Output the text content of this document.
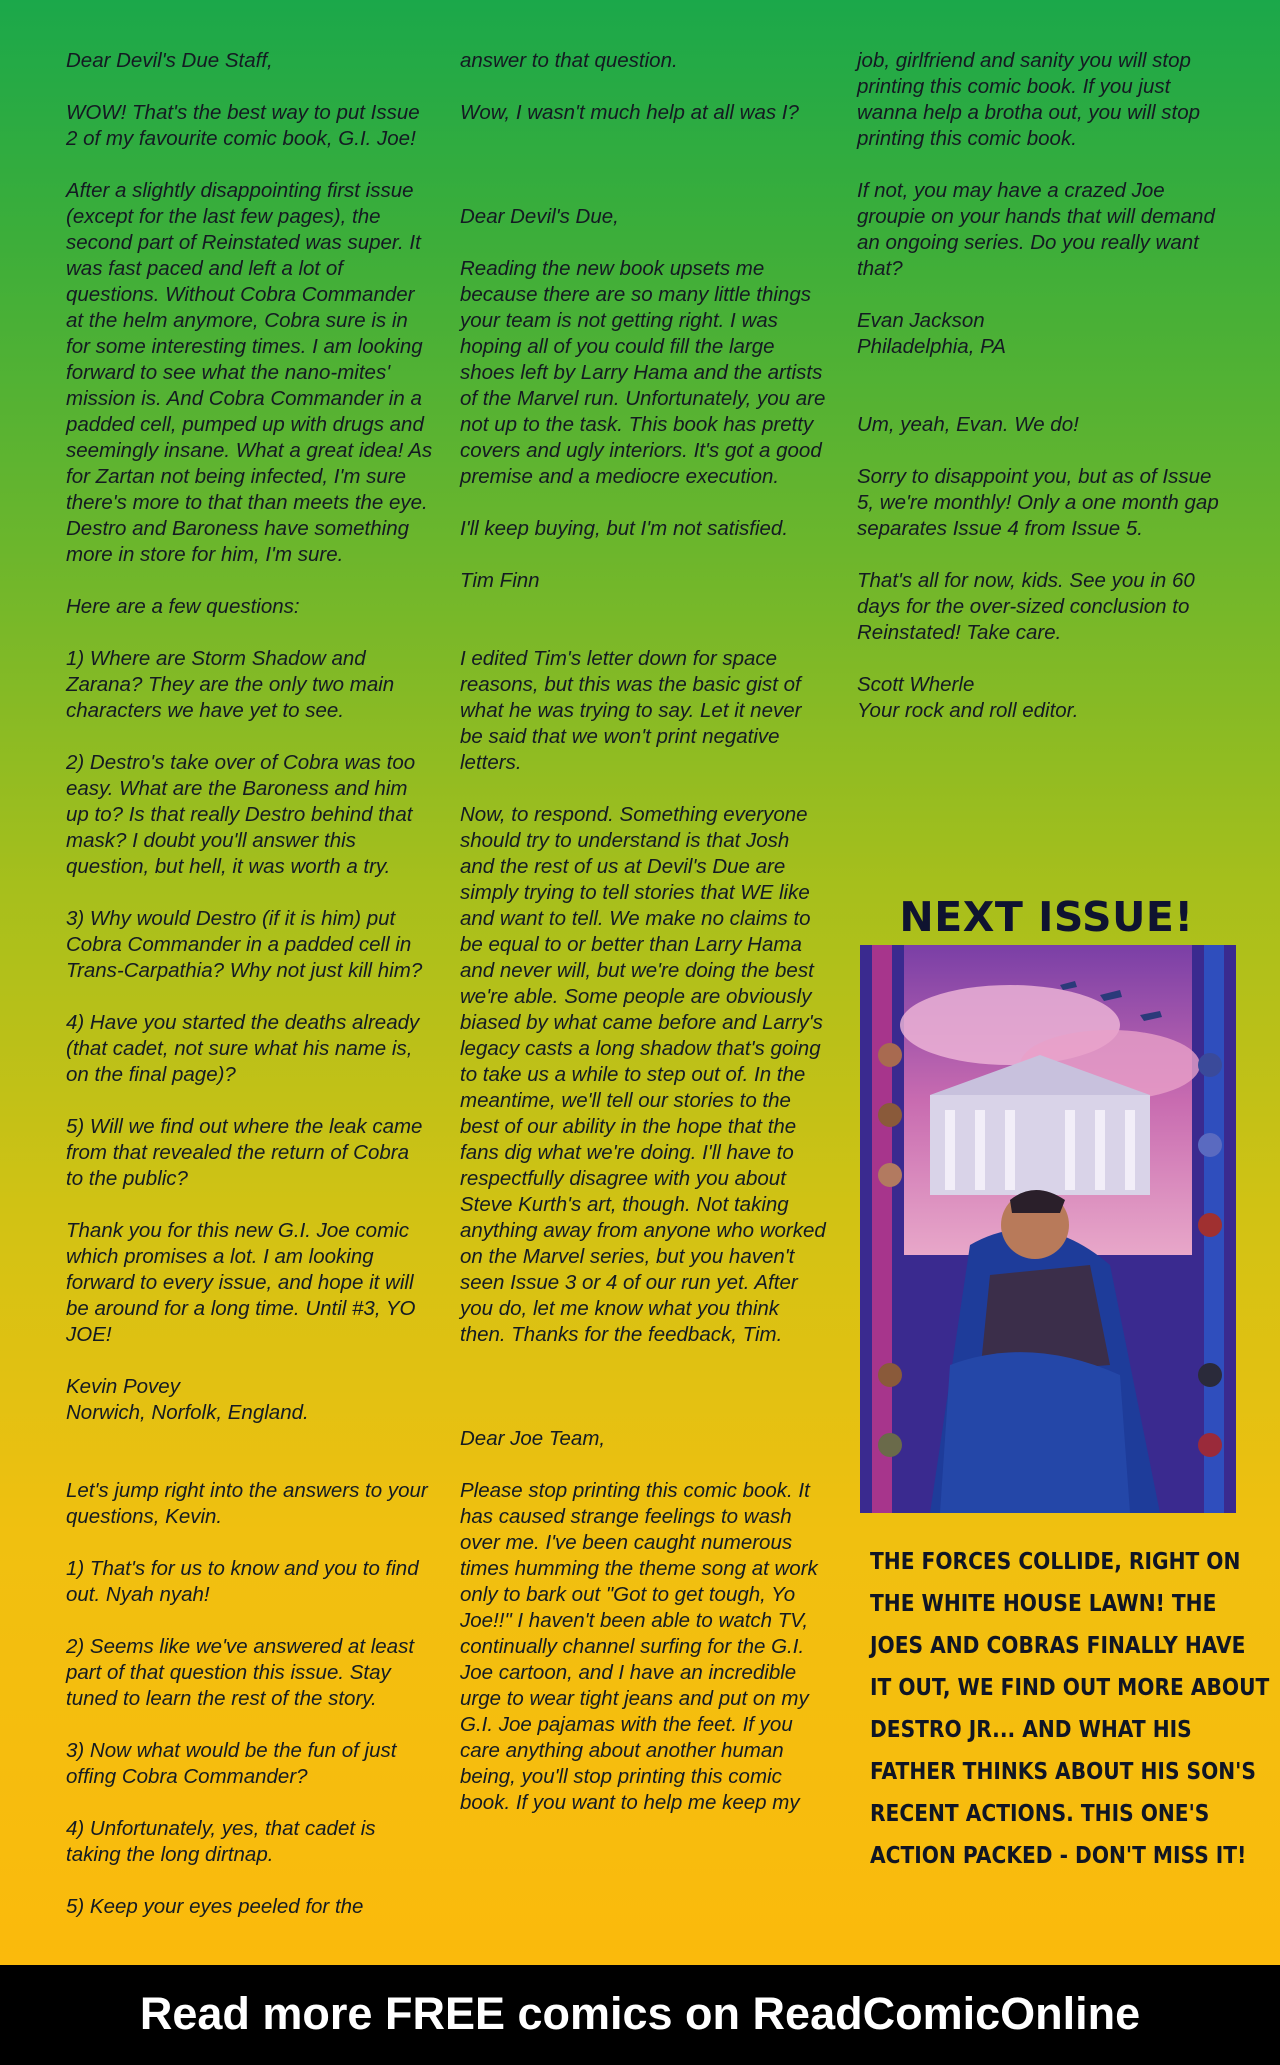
Dear Devil's Due Staff,

WOW! That's the best way to put Issue
2 of my favourite comic book, G.I. Joe!

After a slightly disappointing first issue
(except for the last few pages), the
second part of Reinstated was super. It
was fast paced and left a lot of
questions. Without Cobra Commander
at the helm anymore, Cobra sure is in
for some interesting times. I am looking
forward to see what the nano-mites'
mission is. And Cobra Commander in a
padded cell, pumped up with drugs and
seemingly insane. What a great idea! As
for Zartan not being infected, I'm sure
there's more to that than meets the eye.
Destro and Baroness have something
more in store for him, I'm sure.

Here are a few questions:

1) Where are Storm Shadow and
Zarana? They are the only two main
characters we have yet to see.

2) Destro's take over of Cobra was too
easy. What are the Baroness and him
up to? Is that really Destro behind that
mask? I doubt you'll answer this
question, but hell, it was worth a try.

3) Why would Destro (if it is him) put
Cobra Commander in a padded cell in
Trans-Carpathia? Why not just kill him?

4) Have you started the deaths already
(that cadet, not sure what his name is,
on the final page)?

5) Will we find out where the leak came
from that revealed the return of Cobra
to the public?

Thank you for this new G.I. Joe comic
which promises a lot. I am looking
forward to every issue, and hope it will
be around for a long time. Until #3, YO
JOE!

Kevin Povey
Norwich, Norfolk, England.

Let's jump right into the answers to your
questions, Kevin.

1) That's for us to know and you to find
out. Nyah nyah!

2) Seems like we've answered at least
part of that question this issue. Stay
tuned to learn the rest of the story.

3) Now what would be the fun of just
offing Cobra Commander?

4) Unfortunately, yes, that cadet is
taking the long dirtnap.

5) Keep your eyes peeled for the

answer to that question.

Wow, I wasn't much help at all was I?

Dear Devil's Due,

Reading the new book upsets me
because there are so many little things
your team is not getting right. I was
hoping all of you could fill the large
shoes left by Larry Hama and the artists
of the Marvel run. Unfortunately, you are
not up to the task. This book has pretty
covers and ugly interiors. It's got a good
premise and a mediocre execution.

I'll keep buying, but I'm not satisfied.

Tim Finn

I edited Tim's letter down for space
reasons, but this was the basic gist of
what he was trying to say. Let it never
be said that we won't print negative
letters.

Now, to respond. Something everyone
should try to understand is that Josh
and the rest of us at Devil's Due are
simply trying to tell stories that WE like
and want to tell. We make no claims to
be equal to or better than Larry Hama
and never will, but we're doing the best
we're able. Some people are obviously
biased by what came before and Larry's
legacy casts a long shadow that's going
to take us a while to step out of. In the
meantime, we'll tell our stories to the
best of our ability in the hope that the
fans dig what we're doing. I'll have to
respectfully disagree with you about
Steve Kurth's art, though. Not taking
anything away from anyone who worked
on the Marvel series, but you haven't
seen Issue 3 or 4 of our run yet. After
you do, let me know what you think
then. Thanks for the feedback, Tim.

Dear Joe Team,

Please stop printing this comic book. It
has caused strange feelings to wash
over me. I've been caught numerous
times humming the theme song at work
only to bark out "Got to get tough, Yo
Joe!!" I haven't been able to watch TV,
continually channel surfing for the G.I.
Joe cartoon, and I have an incredible
urge to wear tight jeans and put on my
G.I. Joe pajamas with the feet. If you
care anything about another human
being, you'll stop printing this comic
book. If you want to help me keep my

job, girlfriend and sanity you will stop
printing this comic book. If you just
wanna help a brotha out, you will stop
printing this comic book.

If not, you may have a crazed Joe
groupie on your hands that will demand
an ongoing series. Do you really want
that?

Evan Jackson
Philadelphia, PA

Um, yeah, Evan. We do!

Sorry to disappoint you, but as of Issue
5, we're monthly! Only a one month gap
separates Issue 4 from Issue 5.

That's all for now, kids. See you in 60
days for the over-sized conclusion to
Reinstated! Take care.

Scott Wherle
Your rock and roll editor.

NEXT ISSUE!
THE FORCES COLLIDE, RIGHT ON
THE WHITE HOUSE LAWN! THE
JOES AND COBRAS FINALLY HAVE
IT OUT, WE FIND OUT MORE ABOUT
DESTRO JR... AND WHAT HIS
FATHER THINKS ABOUT HIS SON'S
RECENT ACTIONS. THIS ONE'S
ACTION PACKED - DON'T MISS IT!
Read more FREE comics on ReadComicOnline
